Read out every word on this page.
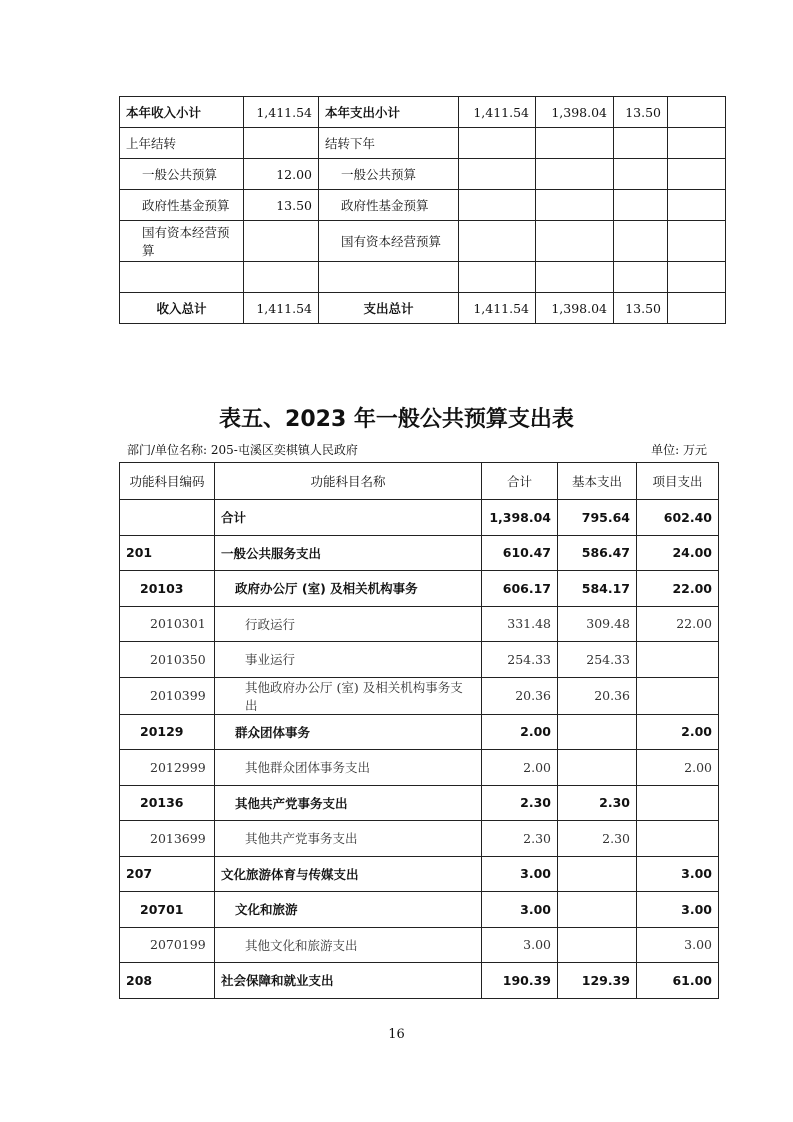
本年收入小计	1,411.54	本年支出小计	1,411.54	1,398.04	13.50	
上年结转		结转下年				
一般公共预算	12.00	一般公共预算				
政府性基金预算	13.50	政府性基金预算				
国有资本经营预算		国有资本经营预算				

收入总计	1,411.54	支出总计	1,411.54	1,398.04	13.50	
表五、2023 年一般公共预算支出表
部门/单位名称: 205-屯溪区奕棋镇人民政府	单位: 万元
功能科目编码	功能科目名称	合计	基本支出	项目支出
	合计	1,398.04	795.64	602.40
201	一般公共服务支出	610.47	586.47	24.00
20103	政府办公厅 (室) 及相关机构事务	606.17	584.17	22.00
2010301	行政运行	331.48	309.48	22.00
2010350	事业运行	254.33	254.33	
2010399	其他政府办公厅 (室) 及相关机构事务支出	20.36	20.36	
20129	群众团体事务	2.00		2.00
2012999	其他群众团体事务支出	2.00		2.00
20136	其他共产党事务支出	2.30	2.30	
2013699	其他共产党事务支出	2.30	2.30	
207	文化旅游体育与传媒支出	3.00		3.00
20701	文化和旅游	3.00		3.00
2070199	其他文化和旅游支出	3.00		3.00
208	社会保障和就业支出	190.39	129.39	61.00
16
